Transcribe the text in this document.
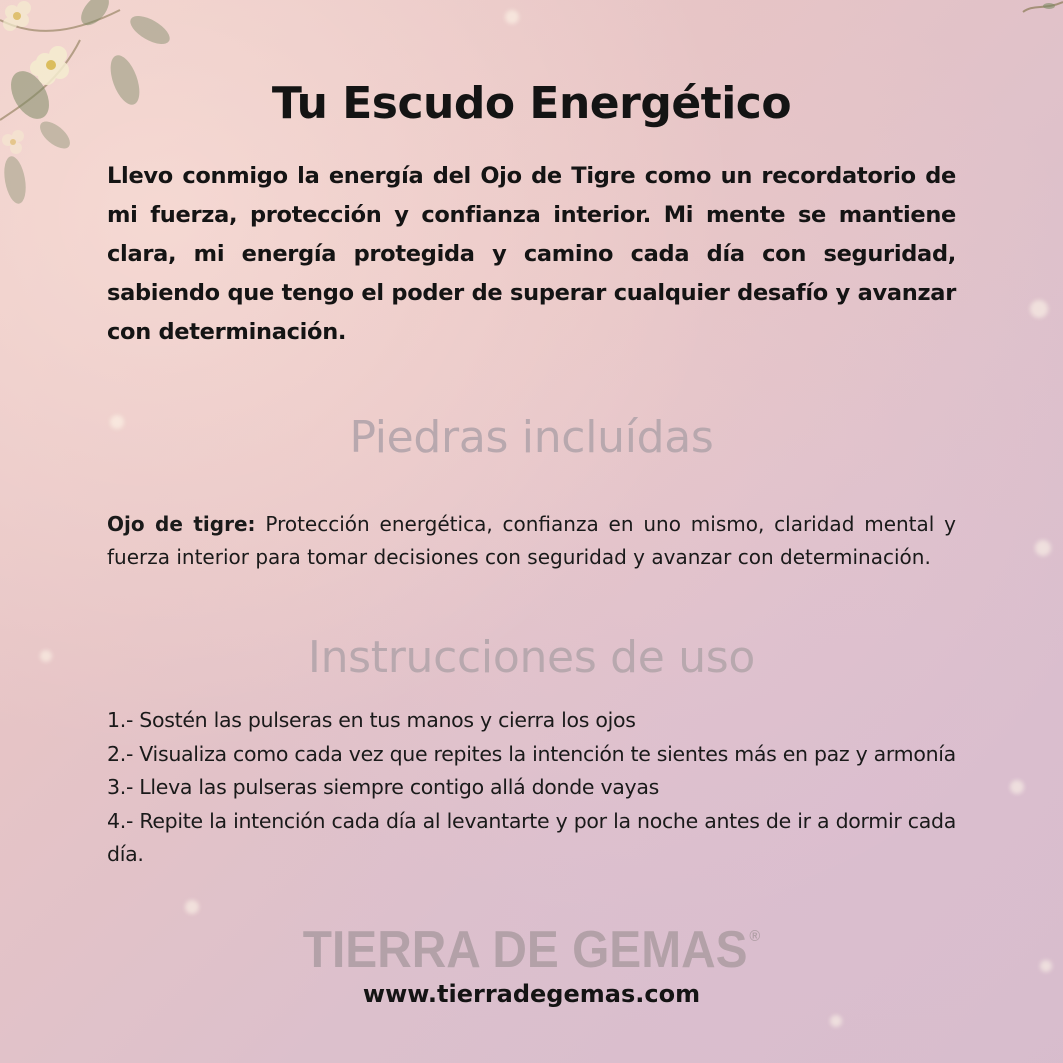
Tu Escudo Energético

Llevo conmigo la energía del Ojo de Tigre como un recordatorio de mi fuerza, protección y confianza interior. Mi mente se mantiene clara, mi energía protegida y camino cada día con seguridad, sabiendo que tengo el poder de superar cualquier desafío y avanzar con determinación.

Piedras incluídas

Ojo de tigre: Protección energética, confianza en uno mismo, claridad mental y fuerza interior para tomar decisiones con seguridad y avanzar con determinación.

Instrucciones de uso
1.- Sostén las pulseras en tus manos y cierra los ojos
2.- Visualiza como cada vez que repites la intención te sientes más en paz y armonía
3.- Lleva las pulseras siempre contigo allá donde vayas
4.- Repite la intención cada día al levantarte y por la noche antes de ir a dormir cada día.
TIERRA DE GEMAS ®
www.tierradegemas.com
